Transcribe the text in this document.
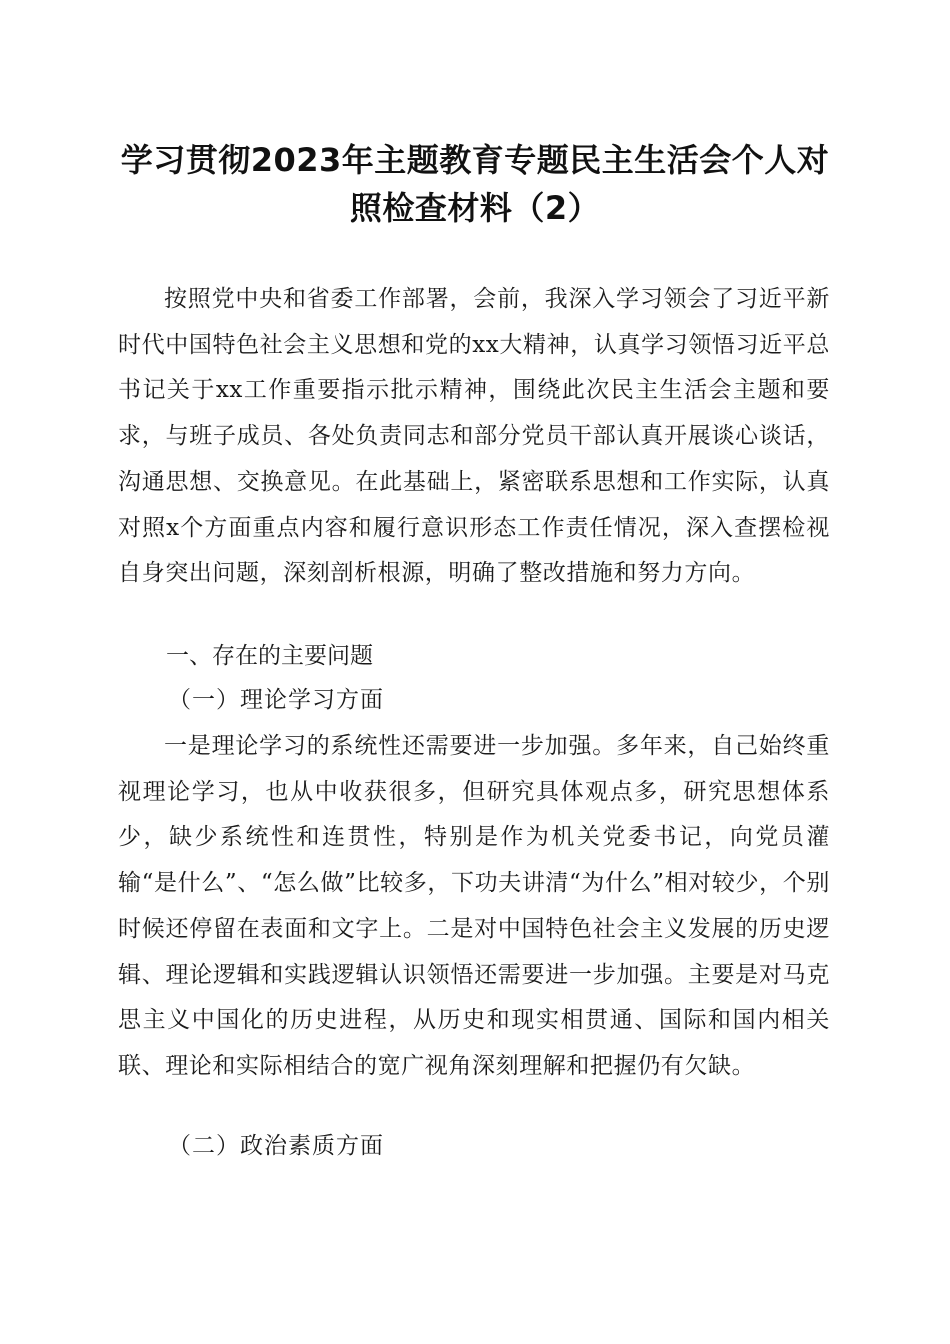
学习贯彻2023年主题教育专题民主生活会个人对照检查材料（2）
按照党中央和省委工作部署，会前，我深入学习领会了习近平新时代中国特色社会主义思想和党的xx大精神，认真学习领悟习近平总书记关于xx工作重要指示批示精神，围绕此次民主生活会主题和要求，与班子成员、各处负责同志和部分党员干部认真开展谈心谈话，沟通思想、交换意见。在此基础上，紧密联系思想和工作实际，认真对照x个方面重点内容和履行意识形态工作责任情况，深入查摆检视自身突出问题，深刻剖析根源，明确了整改措施和努力方向。
一、存在的主要问题
（一）理论学习方面
一是理论学习的系统性还需要进一步加强。多年来，自己始终重视理论学习，也从中收获很多，但研究具体观点多，研究思想体系少，缺少系统性和连贯性，特别是作为机关党委书记，向党员灌输“是什么”、“怎么做”比较多，下功夫讲清“为什么”相对较少，个别时候还停留在表面和文字上。二是对中国特色社会主义发展的历史逻辑、理论逻辑和实践逻辑认识领悟还需要进一步加强。主要是对马克思主义中国化的历史进程，从历史和现实相贯通、国际和国内相关联、理论和实际相结合的宽广视角深刻理解和把握仍有欠缺。
（二）政治素质方面
